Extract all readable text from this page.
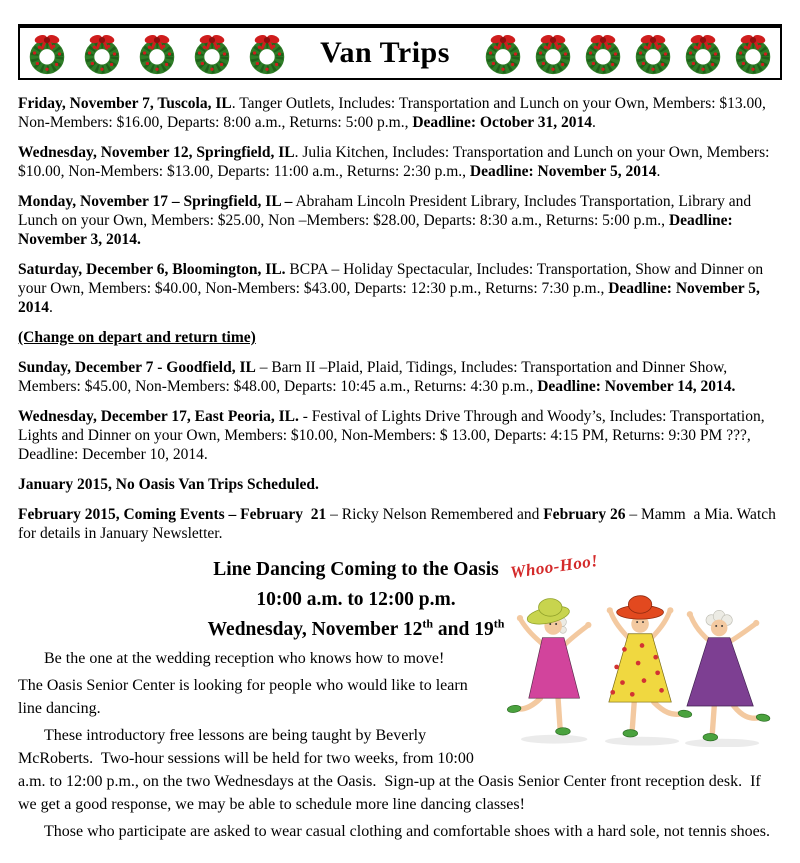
Van Trips

Friday, November 7, Tuscola, IL. Tanger Outlets, Includes: Transportation and Lunch on your Own, Members: $13.00, Non-Members: $16.00, Departs: 8:00 a.m., Returns: 5:00 p.m., Deadline: October 31, 2014.

Wednesday, November 12, Springfield, IL. Julia Kitchen, Includes: Transportation and Lunch on your Own, Members: $10.00, Non-Members: $13.00, Departs: 11:00 a.m., Returns: 2:30 p.m., Deadline: November 5, 2014.

Monday, November 17 – Springfield, IL – Abraham Lincoln President Library, Includes Transportation, Library and Lunch on your Own, Members: $25.00, Non –Members: $28.00, Departs: 8:30 a.m., Returns: 5:00 p.m., Deadline: November 3, 2014.

Saturday, December 6, Bloomington, IL. BCPA – Holiday Spectacular, Includes: Transportation, Show and Dinner on your Own, Members: $40.00, Non-Members: $43.00, Departs: 12:30 p.m., Returns: 7:30 p.m., Deadline: November 5, 2014.

(Change on depart and return time)

Sunday, December 7 - Goodfield, IL – Barn II –Plaid, Plaid, Tidings, Includes: Transportation and Dinner Show, Members: $45.00, Non-Members: $48.00, Departs: 10:45 a.m., Returns: 4:30 p.m., Deadline: November 14, 2014.

Wednesday, December 17, East Peoria, IL. - Festival of Lights Drive Through and Woody’s, Includes: Transportation, Lights and Dinner on your Own, Members: $10.00, Non-Members: $ 13.00, Departs: 4:15 PM, Returns: 9:30 PM ???, Deadline: December 10, 2014.

January 2015, No Oasis Van Trips Scheduled.

February 2015, Coming Events – February  21 – Ricky Nelson Remembered and February 26 – Mamm  a Mia. Watch for details in January Newsletter.

Whoo-Hoo!
Line Dancing Coming to the Oasis
10:00 a.m. to 12:00 p.m.
Wednesday, November 12th and 19th

Be the one at the wedding reception who knows how to move!

The Oasis Senior Center is looking for people who would like to learn line dancing.

These introductory free lessons are being taught by Beverly McRoberts.  Two-hour sessions will be held for two weeks, from 10:00 a.m. to 12:00 p.m., on the two Wednesdays at the Oasis.  Sign-up at the Oasis Senior Center front reception desk.  If we get a good response, we may be able to schedule more line dancing classes!

Those who participate are asked to wear casual clothing and comfortable shoes with a hard sole, not tennis shoes.
